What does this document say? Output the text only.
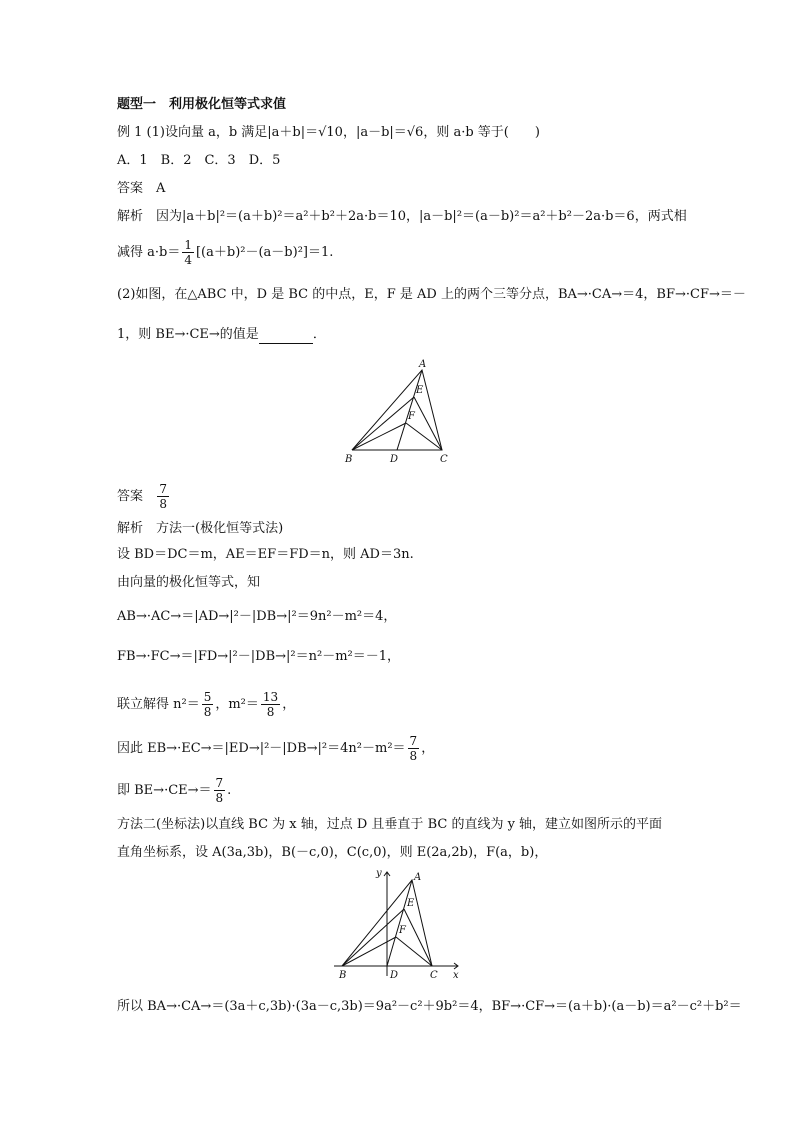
题型一　利用极化恒等式求值
例 1 (1)设向量 a，b 满足|a＋b|＝√10，|a－b|＝√6，则 a·b 等于(　　)
A．1　B．2　C．3　D．5
答案　A
解析　因为|a＋b|²＝(a＋b)²＝a²＋b²＋2a·b＝10，|a－b|²＝(a－b)²＝a²＋b²－2a·b＝6，两式相
减得 $a\cdot b= \frac{1}{4} [(a+b)^2-(a-b)^2]=1$.
(2)如图，在△ABC 中，D 是 BC 的中点，E，F 是 AD 上的两个三等分点，BA→·CA→＝4，BF→·CF→＝－
1，则 BE→·CE→的值是	．
A
E
F
B	D	C
答案 $\frac{7}{8}$
解析　方法一(极化恒等式法)
设 BD＝DC＝m，AE＝EF＝FD＝n，则 AD＝3n.
由向量的极化恒等式，知
AB→·AC→＝|AD→|²－|DB→|²＝9n²－m²＝4，
FB→·FC→＝|FD→|²－|DB→|²＝n²－m²＝－1，
联立解得 $n^2= \frac{5}{8}$ ，$m^2= \frac{13}{8}$ ，
因此 $EB\to\cdot EC\to=|ED\to|^2-|DB\to|^2=4n^2-m^2= \frac{7}{8}$ ，
即 $BE\to\cdot CE\to= \frac{7}{8}$ .
方法二(坐标法)以直线 BC 为 x 轴，过点 D 且垂直于 BC 的直线为 y 轴，建立如图所示的平面
直角坐标系，设 A(3a,3b)，B(－c,0)，C(c,0)，则 E(2a,2b)，F(a，b)，
y	A
E
F
B	D	C x
所以 BA→·CA→＝(3a＋c,3b)·(3a－c,3b)＝9a²－c²＋9b²＝4，BF→·CF→＝(a＋b)·(a－b)＝a²－c²＋b²＝
